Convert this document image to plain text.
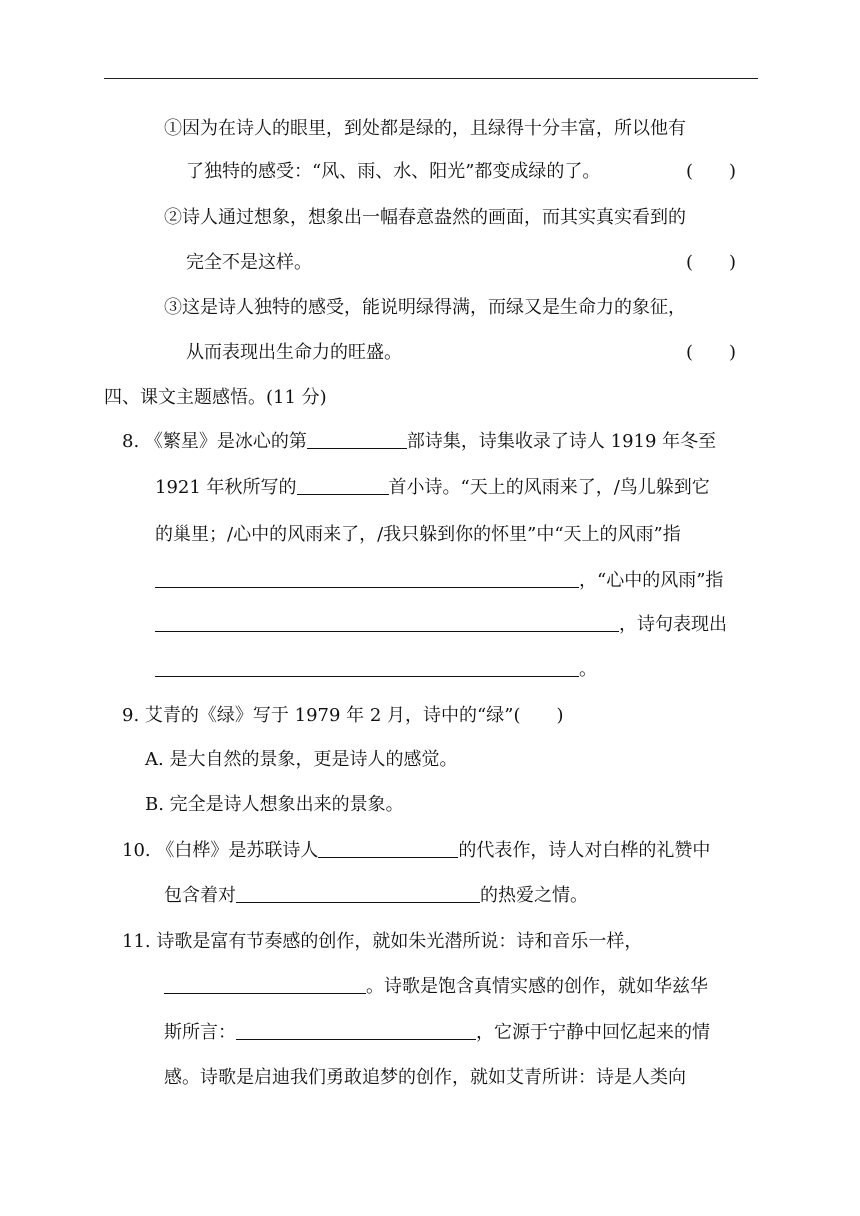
①因为在诗人的眼里，到处都是绿的，且绿得十分丰富，所以他有
了独特的感受：“风、雨、水、阳光”都变成绿的了。	(　　)
②诗人通过想象，想象出一幅春意盎然的画面，而其实真实看到的
完全不是这样。	(　　)
③这是诗人独特的感受，能说明绿得满，而绿又是生命力的象征，
从而表现出生命力的旺盛。	(　　)
四、课文主题感悟。(11 分)
8. 《繁星》是冰心的第	部诗集，诗集收录了诗人 1919 年冬至
1921 年秋所写的	首小诗。“天上的风雨来了，/鸟儿躲到它
的巢里；/心中的风雨来了，/我只躲到你的怀里”中“天上的风雨”指
，“心中的风雨”指
，诗句表现出
。
9. 艾青的《绿》写于 1979 年 2 月，诗中的“绿”(　　)
A. 是大自然的景象，更是诗人的感觉。
B. 完全是诗人想象出来的景象。
10. 《白桦》是苏联诗人	的代表作，诗人对白桦的礼赞中
包含着对	的热爱之情。
11. 诗歌是富有节奏感的创作，就如朱光潜所说：诗和音乐一样，
。诗歌是饱含真情实感的创作，就如华兹华
斯所言：	，它源于宁静中回忆起来的情
感。诗歌是启迪我们勇敢追梦的创作，就如艾青所讲：诗是人类向
